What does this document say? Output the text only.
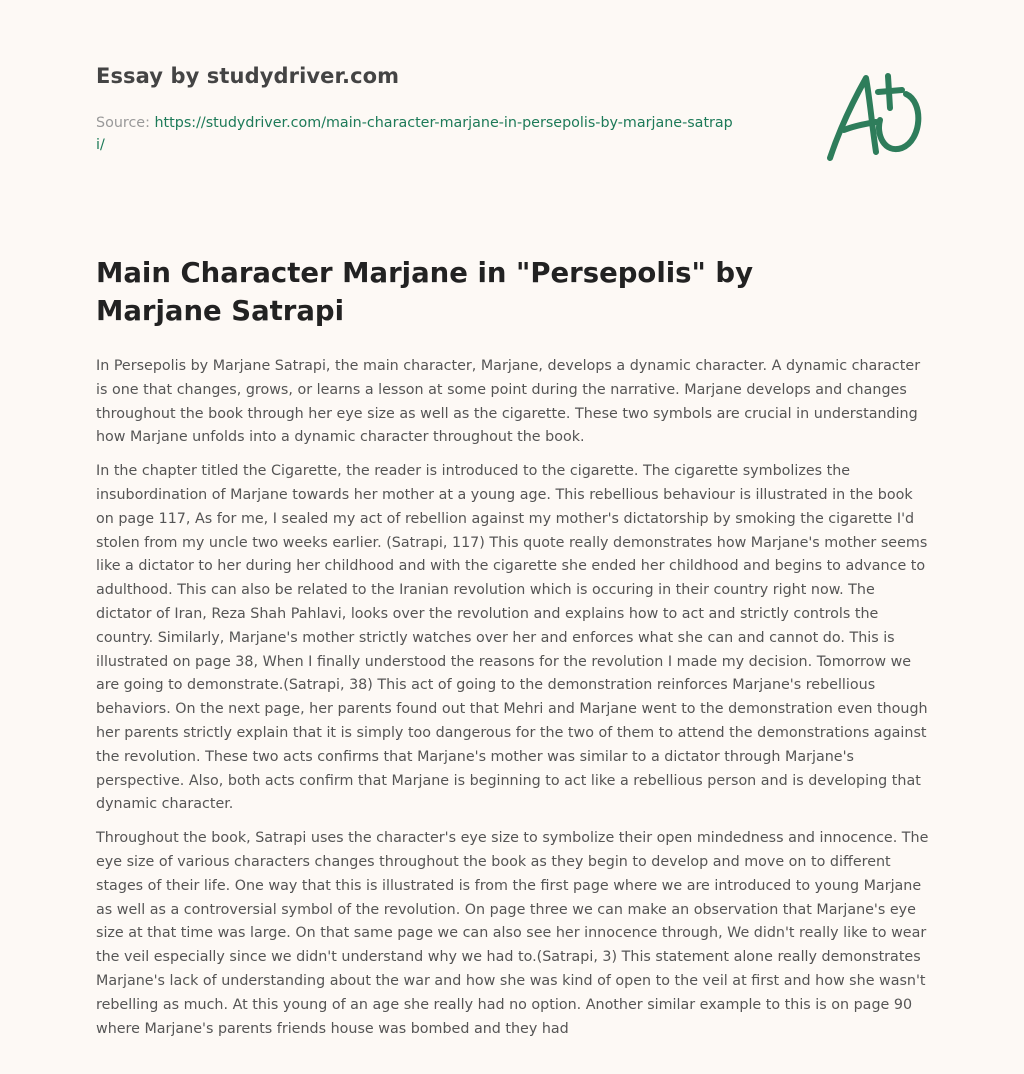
Essay by studydriver.com
Source: https://studydriver.com/main-character-marjane-in-persepolis-by-marjane-satrapi/
Main Character Marjane in "Persepolis" by Marjane Satrapi

In Persepolis by Marjane Satrapi, the main character, Marjane, develops a dynamic character. A dynamic character is one that changes, grows, or learns a lesson at some point during the narrative. Marjane develops and changes throughout the book through her eye size as well as the cigarette. These two symbols are crucial in understanding how Marjane unfolds into a dynamic character throughout the book.

In the chapter titled the Cigarette, the reader is introduced to the cigarette. The cigarette symbolizes the insubordination of Marjane towards her mother at a young age. This rebellious behaviour is illustrated in the book on page 117, As for me, I sealed my act of rebellion against my mother's dictatorship by smoking the cigarette I'd stolen from my uncle two weeks earlier. (Satrapi, 117) This quote really demonstrates how Marjane's mother seems like a dictator to her during her childhood and with the cigarette she ended her childhood and begins to advance to adulthood. This can also be related to the Iranian revolution which is occuring in their country right now. The dictator of Iran, Reza Shah Pahlavi, looks over the revolution and explains how to act and strictly controls the country. Similarly, Marjane's mother strictly watches over her and enforces what she can and cannot do. This is illustrated on page 38, When I finally understood the reasons for the revolution I made my decision. Tomorrow we are going to demonstrate.(Satrapi, 38) This act of going to the demonstration reinforces Marjane's rebellious behaviors. On the next page, her parents found out that Mehri and Marjane went to the demonstration even though her parents strictly explain that it is simply too dangerous for the two of them to attend the demonstrations against the revolution. These two acts confirms that Marjane's mother was similar to a dictator through Marjane's perspective. Also, both acts confirm that Marjane is beginning to act like a rebellious person and is developing that dynamic character.

Throughout the book, Satrapi uses the character's eye size to symbolize their open mindedness and innocence. The eye size of various characters changes throughout the book as they begin to develop and move on to different stages of their life. One way that this is illustrated is from the first page where we are introduced to young Marjane as well as a controversial symbol of the revolution. On page three we can make an observation that Marjane's eye size at that time was large. On that same page we can also see her innocence through, We didn't really like to wear the veil especially since we didn't understand why we had to.(Satrapi, 3) This statement alone really demonstrates Marjane's lack of understanding about the war and how she was kind of open to the veil at first and how she wasn't rebelling as much. At this young of an age she really had no option. Another similar example to this is on page 90 where Marjane's parents friends house was bombed and they had
